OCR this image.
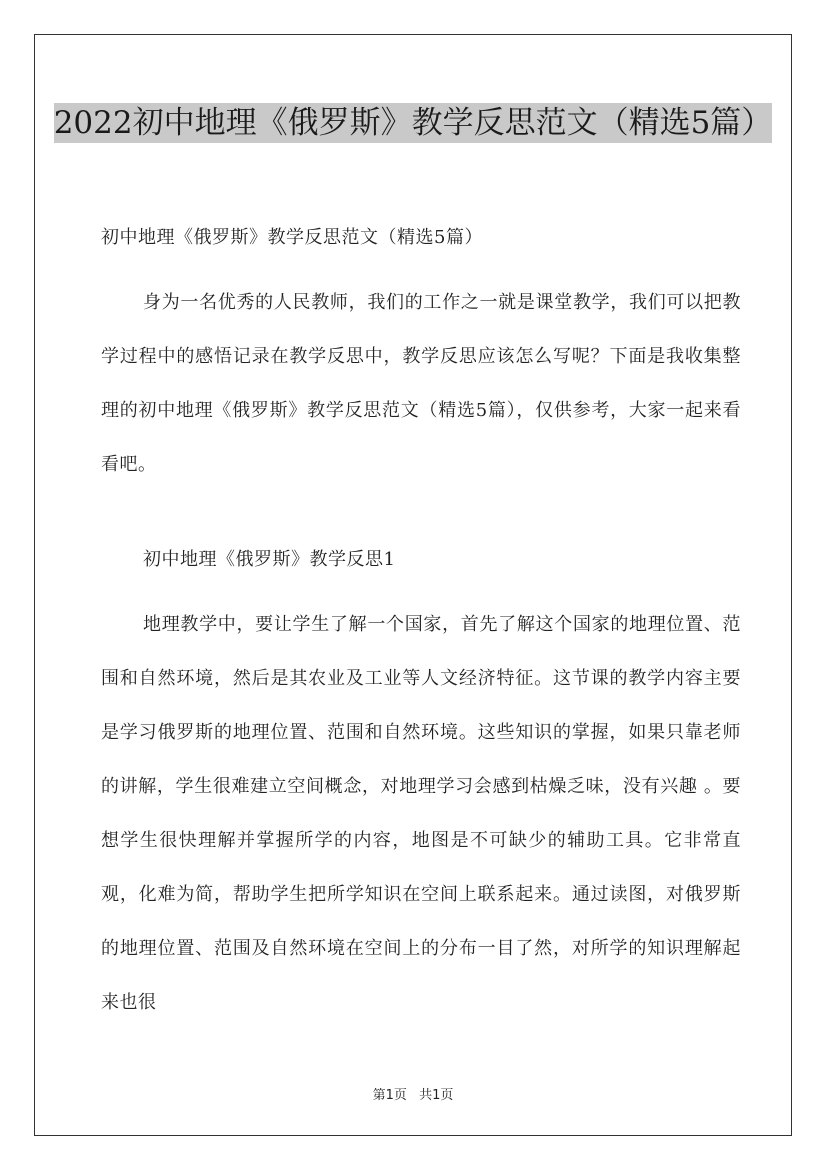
2022初中地理《俄罗斯》教学反思范文（精选5篇）
初中地理《俄罗斯》教学反思范文（精选5篇）
身为一名优秀的人民教师，我们的工作之一就是课堂教学，我们可以把教学过程中的感悟记录在教学反思中，教学反思应该怎么写呢？下面是我收集整理的初中地理《俄罗斯》教学反思范文（精选5篇），仅供参考，大家一起来看看吧。
初中地理《俄罗斯》教学反思1
地理教学中，要让学生了解一个国家，首先了解这个国家的地理位置、范围和自然环境，然后是其农业及工业等人文经济特征。这节课的教学内容主要是学习俄罗斯的地理位置、范围和自然环境。这些知识的掌握，如果只靠老师的讲解，学生很难建立空间概念，对地理学习会感到枯燥乏味，没有兴趣 。要想学生很快理解并掌握所学的内容，地图是不可缺少的辅助工具。它非常直观，化难为简，帮助学生把所学知识在空间上联系起来。通过读图，对俄罗斯的地理位置、范围及自然环境在空间上的分布一目了然，对所学的知识理解起来也很
第1页 共1页
